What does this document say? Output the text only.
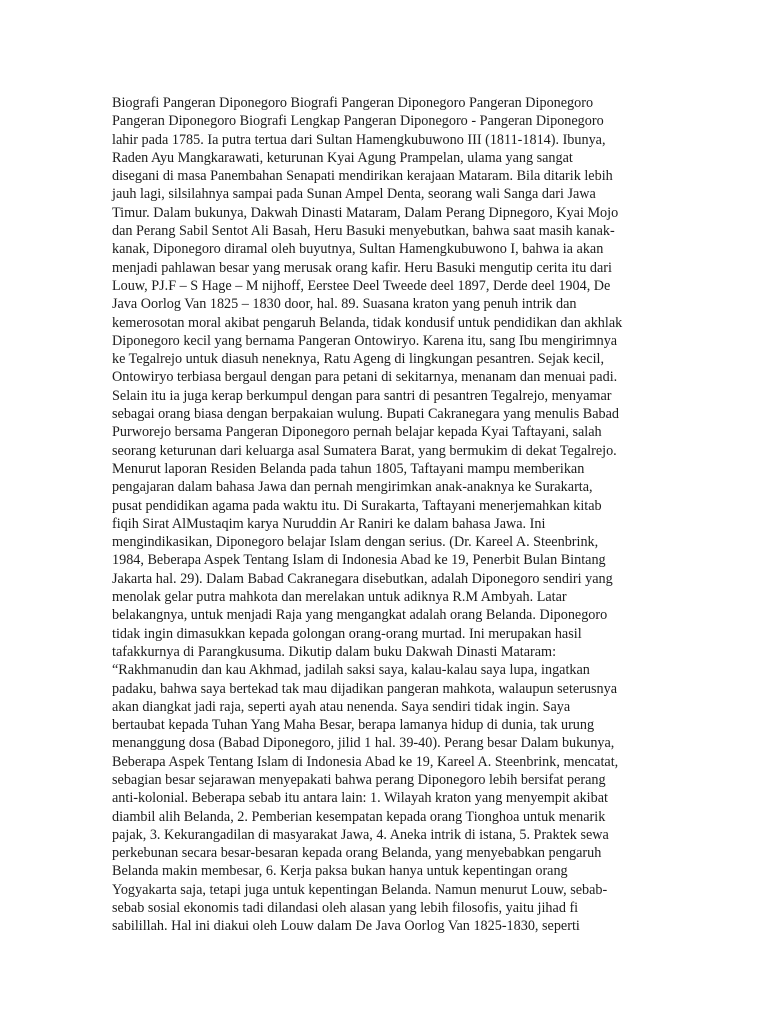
Biografi Pangeran Diponegoro Biografi Pangeran Diponegoro Pangeran Diponegoro
Pangeran Diponegoro Biografi Lengkap Pangeran Diponegoro - Pangeran Diponegoro
lahir pada 1785. Ia putra tertua dari Sultan Hamengkubuwono III (1811-1814). Ibunya,
Raden Ayu Mangkarawati, keturunan Kyai Agung Prampelan, ulama yang sangat
disegani di masa Panembahan Senapati mendirikan kerajaan Mataram. Bila ditarik lebih
jauh lagi, silsilahnya sampai pada Sunan Ampel Denta, seorang wali Sanga dari Jawa
Timur. Dalam bukunya, Dakwah Dinasti Mataram, Dalam Perang Dipnegoro, Kyai Mojo
dan Perang Sabil Sentot Ali Basah, Heru Basuki menyebutkan, bahwa saat masih kanak-
kanak, Diponegoro diramal oleh buyutnya, Sultan Hamengkubuwono I, bahwa ia akan
menjadi pahlawan besar yang merusak orang kafir. Heru Basuki mengutip cerita itu dari
Louw, PJ.F – S Hage – M nijhoff, Eerstee Deel Tweede deel 1897, Derde deel 1904, De
Java Oorlog Van 1825 – 1830 door, hal. 89. Suasana kraton yang penuh intrik dan
kemerosotan moral akibat pengaruh Belanda, tidak kondusif untuk pendidikan dan akhlak
Diponegoro kecil yang bernama Pangeran Ontowiryo. Karena itu, sang Ibu mengirimnya
ke Tegalrejo untuk diasuh neneknya, Ratu Ageng di lingkungan pesantren. Sejak kecil,
Ontowiryo terbiasa bergaul dengan para petani di sekitarnya, menanam dan menuai padi.
Selain itu ia juga kerap berkumpul dengan para santri di pesantren Tegalrejo, menyamar
sebagai orang biasa dengan berpakaian wulung. Bupati Cakranegara yang menulis Babad
Purworejo bersama Pangeran Diponegoro pernah belajar kepada Kyai Taftayani, salah
seorang keturunan dari keluarga asal Sumatera Barat, yang bermukim di dekat Tegalrejo.
Menurut laporan Residen Belanda pada tahun 1805, Taftayani mampu memberikan
pengajaran dalam bahasa Jawa dan pernah mengirimkan anak-anaknya ke Surakarta,
pusat pendidikan agama pada waktu itu. Di Surakarta, Taftayani menerjemahkan kitab
fiqih Sirat AlMustaqim karya Nuruddin Ar Raniri ke dalam bahasa Jawa. Ini
mengindikasikan, Diponegoro belajar Islam dengan serius. (Dr. Kareel A. Steenbrink,
1984, Beberapa Aspek Tentang Islam di Indonesia Abad ke 19, Penerbit Bulan Bintang
Jakarta hal. 29). Dalam Babad Cakranegara disebutkan, adalah Diponegoro sendiri yang
menolak gelar putra mahkota dan merelakan untuk adiknya R.M Ambyah. Latar
belakangnya, untuk menjadi Raja yang mengangkat adalah orang Belanda. Diponegoro
tidak ingin dimasukkan kepada golongan orang-orang murtad. Ini merupakan hasil
tafakkurnya di Parangkusuma. Dikutip dalam buku Dakwah Dinasti Mataram:
“Rakhmanudin dan kau Akhmad, jadilah saksi saya, kalau-kalau saya lupa, ingatkan
padaku, bahwa saya bertekad tak mau dijadikan pangeran mahkota, walaupun seterusnya
akan diangkat jadi raja, seperti ayah atau nenenda. Saya sendiri tidak ingin. Saya
bertaubat kepada Tuhan Yang Maha Besar, berapa lamanya hidup di dunia, tak urung
menanggung dosa (Babad Diponegoro, jilid 1 hal. 39-40). Perang besar Dalam bukunya,
Beberapa Aspek Tentang Islam di Indonesia Abad ke 19, Kareel A. Steenbrink, mencatat,
sebagian besar sejarawan menyepakati bahwa perang Diponegoro lebih bersifat perang
anti-kolonial. Beberapa sebab itu antara lain: 1. Wilayah kraton yang menyempit akibat
diambil alih Belanda, 2. Pemberian kesempatan kepada orang Tionghoa untuk menarik
pajak, 3. Kekurangadilan di masyarakat Jawa, 4. Aneka intrik di istana, 5. Praktek sewa
perkebunan secara besar-besaran kepada orang Belanda, yang menyebabkan pengaruh
Belanda makin membesar, 6. Kerja paksa bukan hanya untuk kepentingan orang
Yogyakarta saja, tetapi juga untuk kepentingan Belanda. Namun menurut Louw, sebab-
sebab sosial ekonomis tadi dilandasi oleh alasan yang lebih filosofis, yaitu jihad fi
sabilillah. Hal ini diakui oleh Louw dalam De Java Oorlog Van 1825-1830, seperti
